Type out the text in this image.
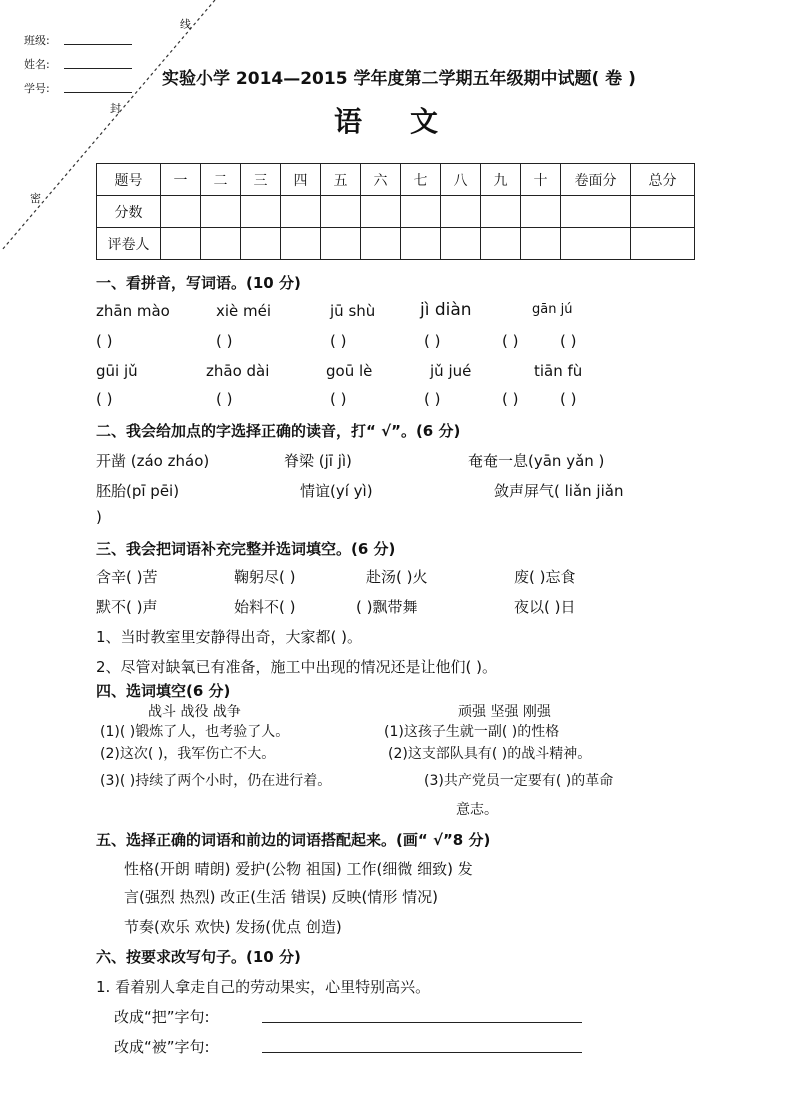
班级:
姓名:
学号:
线
封
密
实验小学 2014—2015 学年度第二学期五年级期中试题( 卷 )
语 文
题号	一	二	三	四	五	六	七	八	九	十	卷面分	总分
分数												
评卷人												
一、看拼音，写词语。(10 分)
zhān mào	xiè méi	jū shù	jì diàn	gān jú
( )	( )	( )	( )	( )	( )
gūi jǔ	zhāo dài	goū lè	jǔ jué	tiān fù
( )	( )	( )	( )	( )	( )
二、我会给加点的字选择正确的读音，打“ √”。(6 分)
开凿 (záo zháo)	脊梁 (jī jì)	奄奄一息(yān yǎn )
胚胎(pī pēi)	情谊(yí yì)	敛声屏气( liǎn jiǎn
)
三、我会把词语补充完整并选词填空。(6 分)
含辛( )苦	鞠躬尽( )	赴汤( )火	废( )忘食
默不( )声	始料不( )	( )飘带舞	夜以( )日
1、当时教室里安静得出奇，大家都( )。
2、尽管对缺氧已有准备，施工中出现的情况还是让他们( )。
四、选词填空(6 分)
战斗 战役 战争	顽强 坚强 刚强
(1)( )锻炼了人，也考验了人。	(1)这孩子生就一副( )的性格
(2)这次( )，我军伤亡不大。	(2)这支部队具有( )的战斗精神。
(3)( )持续了两个小时，仍在进行着。	(3)共产党员一定要有( )的革命
意志。
五、选择正确的词语和前边的词语搭配起来。(画“ √”8 分)
性格(开朗 晴朗) 爱护(公物 祖国) 工作(细微 细致) 发
言(强烈 热烈) 改正(生活 错误) 反映(情形 情况)
节奏(欢乐 欢快) 发扬(优点 创造)
六、按要求改写句子。(10 分)
1. 看着别人拿走自己的劳动果实，心里特别高兴。
改成“把”字句:
改成“被”字句:
